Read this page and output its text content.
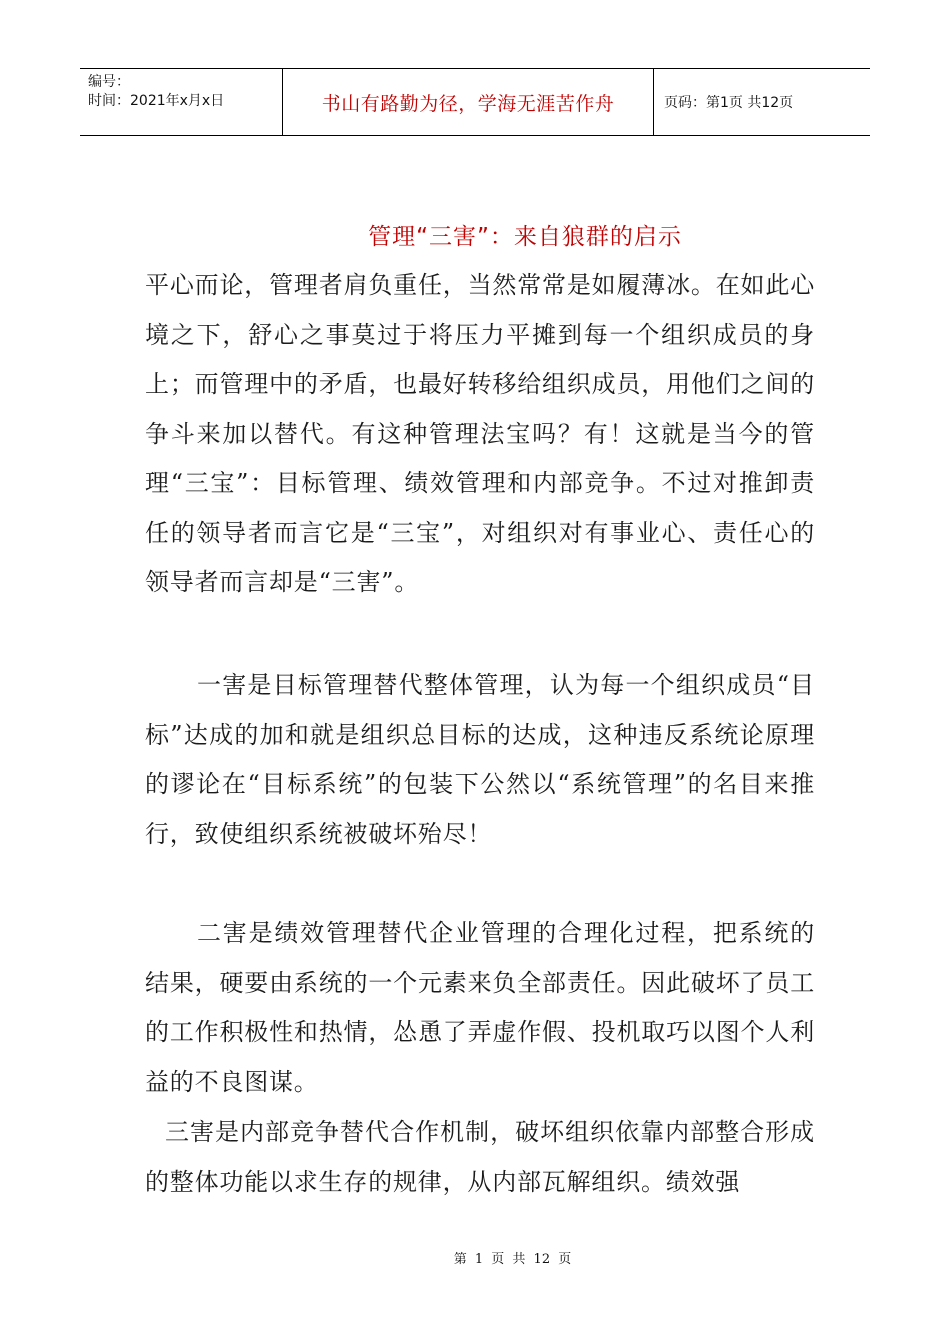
编号：
时间：2021年x月x日	书山有路勤为径，学海无涯苦作舟	页码：第1页 共12页
管理“三害”：来自狼群的启示

平心而论，管理者肩负重任，当然常常是如履薄冰。在如此心境之下，舒心之事莫过于将压力平摊到每一个组织成员的身上；而管理中的矛盾，也最好转移给组织成员，用他们之间的争斗来加以替代。有这种管理法宝吗？有！这就是当今的管理“三宝”：目标管理、绩效管理和内部竞争。不过对推卸责任的领导者而言它是“三宝”，对组织对有事业心、责任心的领导者而言却是“三害”。

一害是目标管理替代整体管理，认为每一个组织成员“目标”达成的加和就是组织总目标的达成，这种违反系统论原理的谬论在“目标系统”的包装下公然以“系统管理”的名目来推行，致使组织系统被破坏殆尽！

二害是绩效管理替代企业管理的合理化过程，把系统的结果，硬要由系统的一个元素来负全部责任。因此破坏了员工的工作积极性和热情，怂恿了弄虚作假、投机取巧以图个人利益的不良图谋。

三害是内部竞争替代合作机制，破坏组织依靠内部整合形成的整体功能以求生存的规律，从内部瓦解组织。绩效强

第 1 页 共 12 页
